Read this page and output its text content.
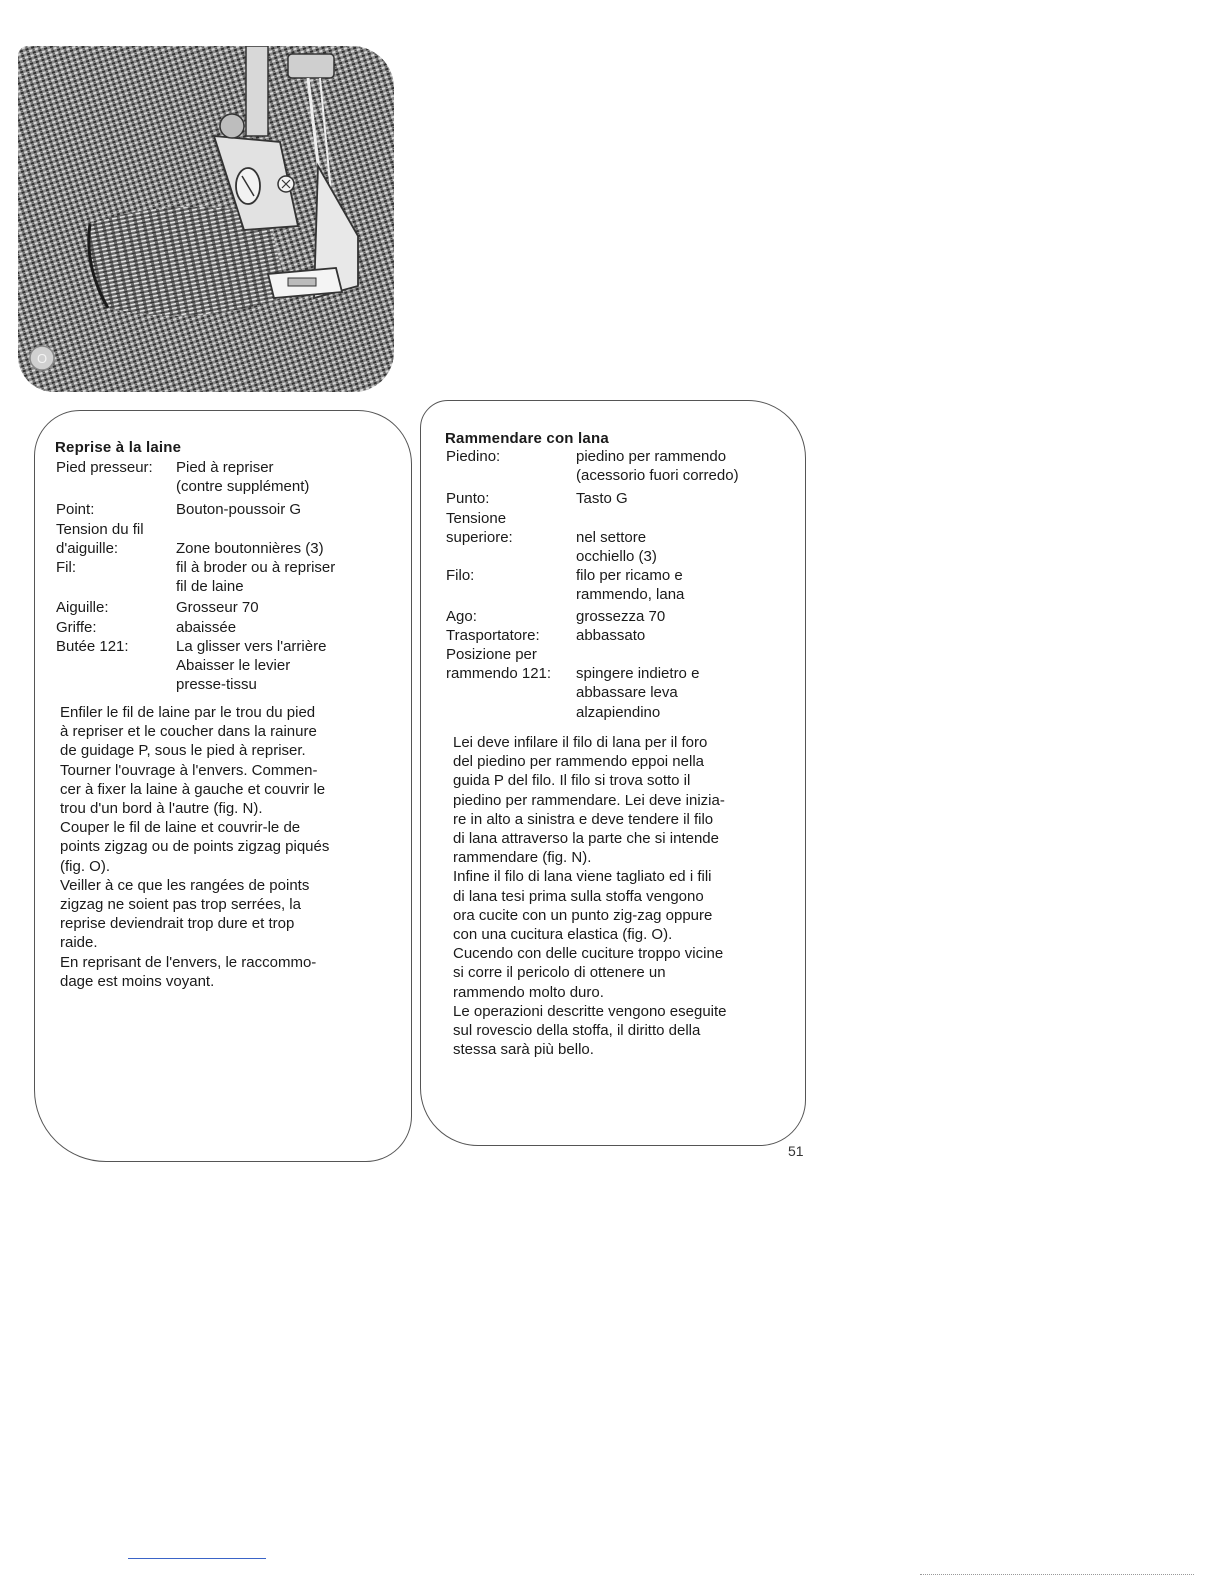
O
Reprise à la laine
Pied presseur:	Pied à repriser
(contre supplément)
Point:	Bouton-poussoir G
Tension du fil
d'aiguille:	Zone boutonnières (3)
Fil:	fil à broder ou à repriser
fil de laine
Aiguille:	Grosseur 70
Griffe:	abaissée
Butée 121:	La glisser vers l'arrière
Abaisser le levier
presse-tissu
Enfiler le fil de laine par le trou du pied
à repriser et le coucher dans la rainure
de guidage P, sous le pied à repriser.
Tourner l'ouvrage à l'envers. Commen-
cer à fixer la laine à gauche et couvrir le
trou d'un bord à l'autre (fig. N).
Couper le fil de laine et couvrir-le de
points zigzag ou de points zigzag piqués
(fig. O).
Veiller à ce que les rangées de points
zigzag ne soient pas trop serrées, la
reprise deviendrait trop dure et trop
raide.
En reprisant de l'envers, le raccommo-
dage est moins voyant.
Rammendare con lana
Piedino:	piedino per rammendo
(acessorio fuori corredo)
Punto:	Tasto G
Tensione
superiore:	nel settore
occhiello (3)
Filo:	filo per ricamo e
rammendo, lana
Ago:	grossezza 70
Trasportatore:	abbassato
Posizione per
rammendo 121:	spingere indietro e
abbassare leva
alzapiendino
Lei deve infilare il filo di lana per il foro
del piedino per rammendo eppoi nella
guida P del filo. Il filo si trova sotto il
piedino per rammendare. Lei deve inizia-
re in alto a sinistra e deve tendere il filo
di lana attraverso la parte che si intende
rammendare (fig. N).
Infine il filo di lana viene tagliato ed i fili
di lana tesi prima sulla stoffa vengono
ora cucite con un punto zig-zag oppure
con una cucitura elastica (fig. O).
Cucendo con delle cuciture troppo vicine
si corre il pericolo di ottenere un
rammendo molto duro.
Le operazioni descritte vengono eseguite
sul rovescio della stoffa, il diritto della
stessa sarà più bello.
51
